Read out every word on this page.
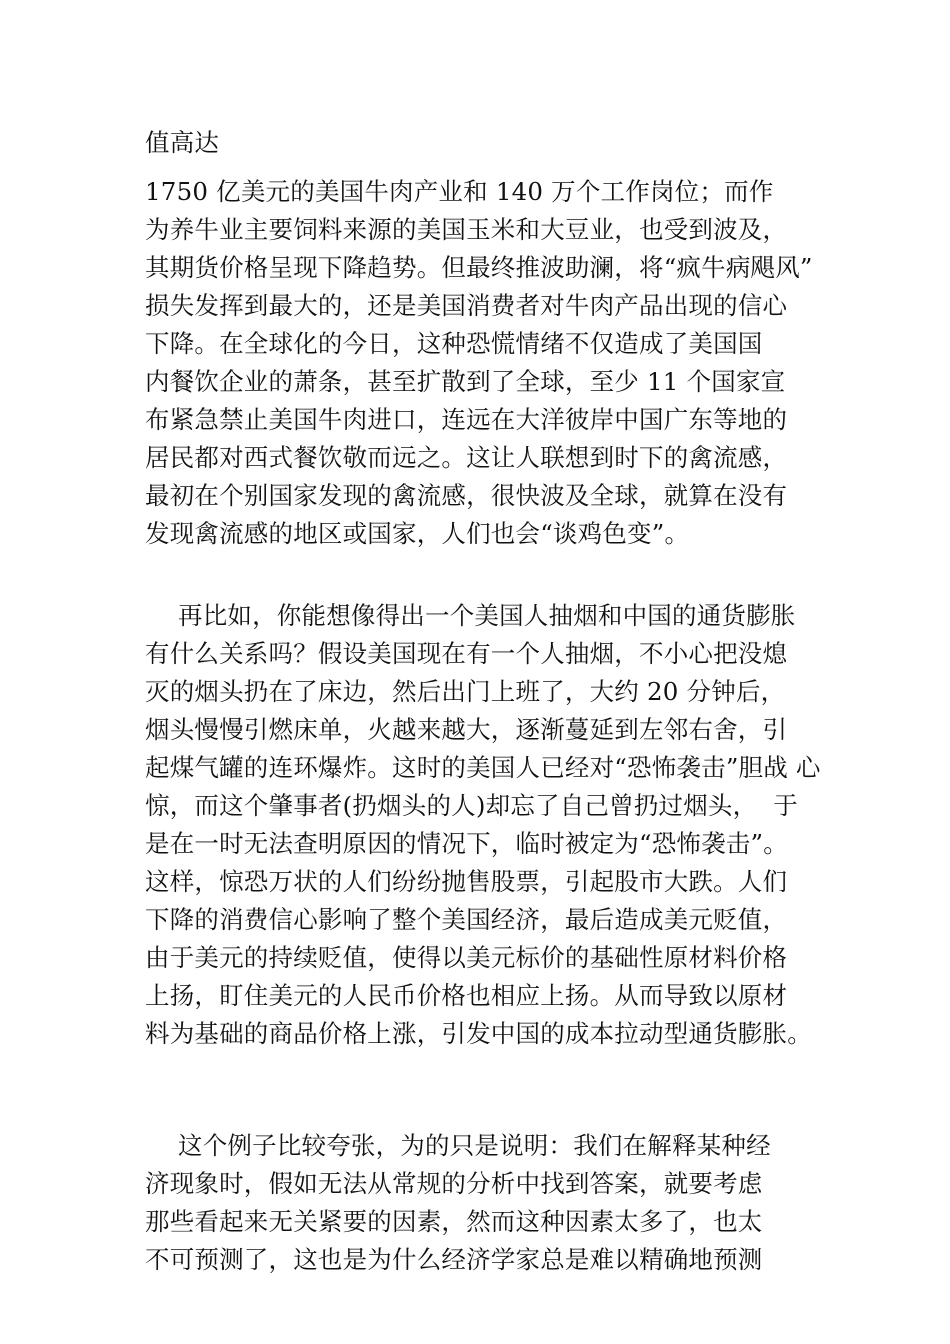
值高达

1750 亿美元的美国牛肉产业和 140 万个工作岗位；而作

为养牛业主要饲料来源的美国玉米和大豆业，也受到波及，

其期货价格呈现下降趋势。但最终推波助澜，将“疯牛病飓风”

损失发挥到最大的，还是美国消费者对牛肉产品出现的信心

下降。在全球化的今日，这种恐慌情绪不仅造成了美国国

内餐饮企业的萧条，甚至扩散到了全球，至少 11 个国家宣

布紧急禁止美国牛肉进口，连远在大洋彼岸中国广东等地的

居民都对西式餐饮敬而远之。这让人联想到时下的禽流感，

最初在个别国家发现的禽流感，很快波及全球，就算在没有

发现禽流感的地区或国家，人们也会“谈鸡色变”。

再比如，你能想像得出一个美国人抽烟和中国的通货膨胀

有什么关系吗？假设美国现在有一个人抽烟，不小心把没熄

灭的烟头扔在了床边，然后出门上班了，大约 20 分钟后，

烟头慢慢引燃床单，火越来越大，逐渐蔓延到左邻右舍，引

起煤气罐的连环爆炸。这时的美国人已经对“恐怖袭击”胆战 心

惊，而这个肇事者(扔烟头的人)却忘了自己曾扔过烟头，  于

是在一时无法查明原因的情况下，临时被定为“恐怖袭击”。

这样，惊恐万状的人们纷纷抛售股票，引起股市大跌。人们

下降的消费信心影响了整个美国经济，最后造成美元贬值，

由于美元的持续贬值，使得以美元标价的基础性原材料价格

上扬，盯住美元的人民币价格也相应上扬。从而导致以原材

料为基础的商品价格上涨，引发中国的成本拉动型通货膨胀。

这个例子比较夸张，为的只是说明：我们在解释某种经

济现象时，假如无法从常规的分析中找到答案，就要考虑

那些看起来无关紧要的因素，然而这种因素太多了，也太

不可预测了，这也是为什么经济学家总是难以精确地预测
